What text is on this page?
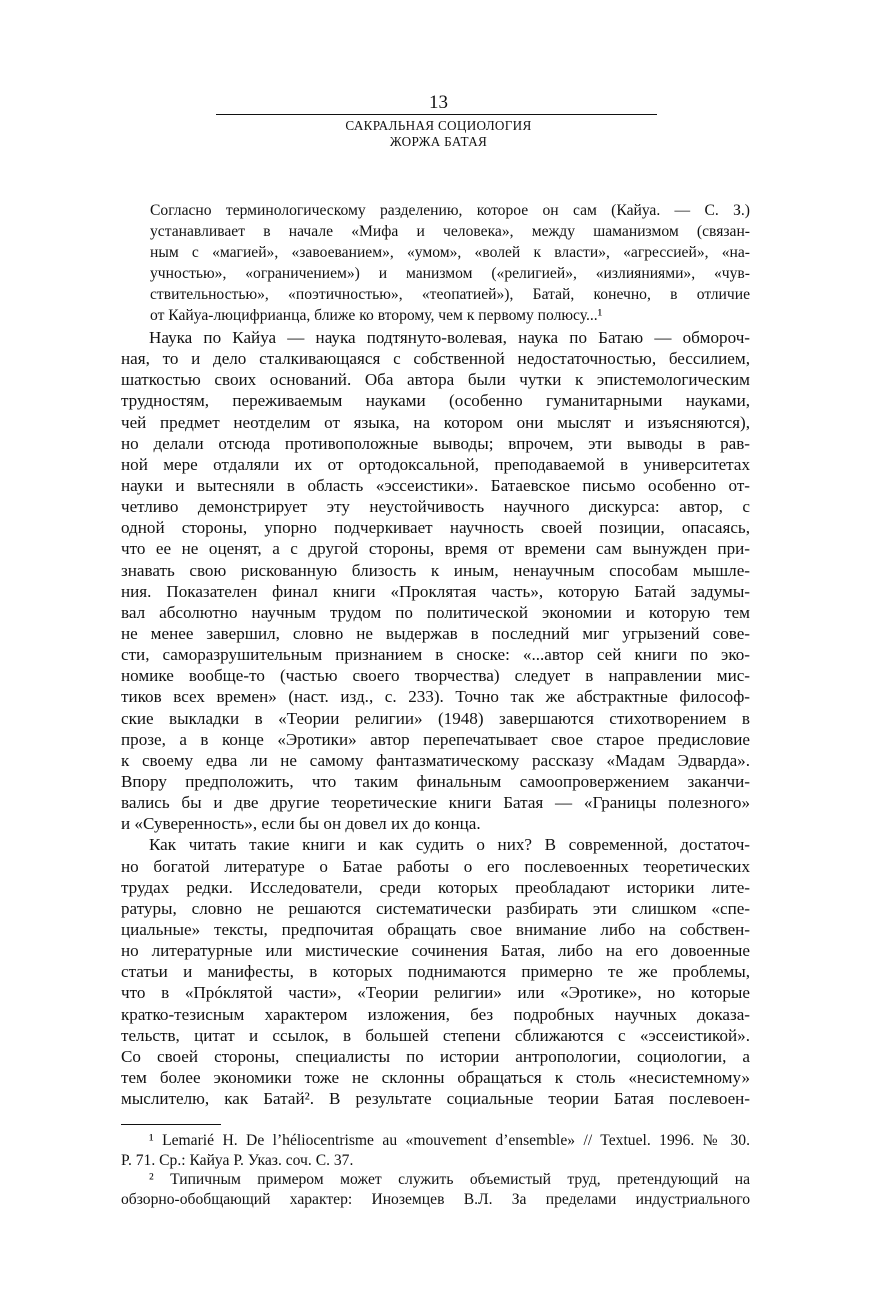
13
САКРАЛЬНАЯ СОЦИОЛОГИЯ
ЖОРЖА БАТАЯ
Согласно терминологическому разделению, которое он сам (Кайуа. — С. З.)
устанавливает в начале «Мифа и человека», между шаманизмом (связан-
ным с «магией», «завоеванием», «умом», «волей к власти», «агрессией», «на-
учностью», «ограничением») и манизмом («религией», «излияниями», «чув-
ствительностью», «поэтичностью», «теопатией»), Батай, конечно, в отличие
от Кайуа-люцифрианца, ближе ко второму, чем к первому полюсу...¹
Наука по Кайуа — наука подтянуто-волевая, наука по Батаю — обмороч-
ная, то и дело сталкивающаяся с собственной недостаточностью, бессилием,
шаткостью своих оснований. Оба автора были чутки к эпистемологическим
трудностям, переживаемым науками (особенно гуманитарными науками,
чей предмет неотделим от языка, на котором они мыслят и изъясняются),
но делали отсюда противоположные выводы; впрочем, эти выводы в рав-
ной мере отдаляли их от ортодоксальной, преподаваемой в университетах
науки и вытесняли в область «эссеистики». Батаевское письмо особенно от-
четливо демонстрирует эту неустойчивость научного дискурса: автор, с
одной стороны, упорно подчеркивает научность своей позиции, опасаясь,
что ее не оценят, а с другой стороны, время от времени сам вынужден при-
знавать свою рискованную близость к иным, ненаучным способам мышле-
ния. Показателен финал книги «Проклятая часть», которую Батай задумы-
вал абсолютно научным трудом по политической экономии и которую тем
не менее завершил, словно не выдержав в последний миг угрызений сове-
сти, саморазрушительным признанием в сноске: «...автор сей книги по эко-
номике вообще-то (частью своего творчества) следует в направлении мис-
тиков всех времен» (наст. изд., с. 233). Точно так же абстрактные философ-
ские выкладки в «Теории религии» (1948) завершаются стихотворением в
прозе, а в конце «Эротики» автор перепечатывает свое старое предисловие
к своему едва ли не самому фантазматическому рассказу «Мадам Эдварда».
Впору предположить, что таким финальным самоопровержением заканчи-
вались бы и две другие теоретические книги Батая — «Границы полезного»
и «Суверенность», если бы он довел их до конца.
Как читать такие книги и как судить о них? В современной, достаточ-
но богатой литературе о Батае работы о его послевоенных теоретических
трудах редки. Исследователи, среди которых преобладают историки лите-
ратуры, словно не решаются систематически разбирать эти слишком «спе-
циальные» тексты, предпочитая обращать свое внимание либо на собствен-
но литературные или мистические сочинения Батая, либо на его довоенные
статьи и манифесты, в которых поднимаются примерно те же проблемы,
что в «Прóклятой части», «Теории религии» или «Эротике», но которые
кратко-тезисным характером изложения, без подробных научных доказа-
тельств, цитат и ссылок, в большей степени сближаются с «эссеистикой».
Со своей стороны, специалисты по истории антропологии, социологии, а
тем более экономики тоже не склонны обращаться к столь «несистемному»
мыслителю, как Батай². В результате социальные теории Батая послевоен-
¹ Lemarié H. De l’héliocentrisme au «mouvement d’ensemble» // Textuel. 1996. № 30.
P. 71. Ср.: Кайуа Р. Указ. соч. С. 37.
² Типичным примером может служить объемистый труд, претендующий на
обзорно-обобщающий характер: Иноземцев В.Л. За пределами индустриального
